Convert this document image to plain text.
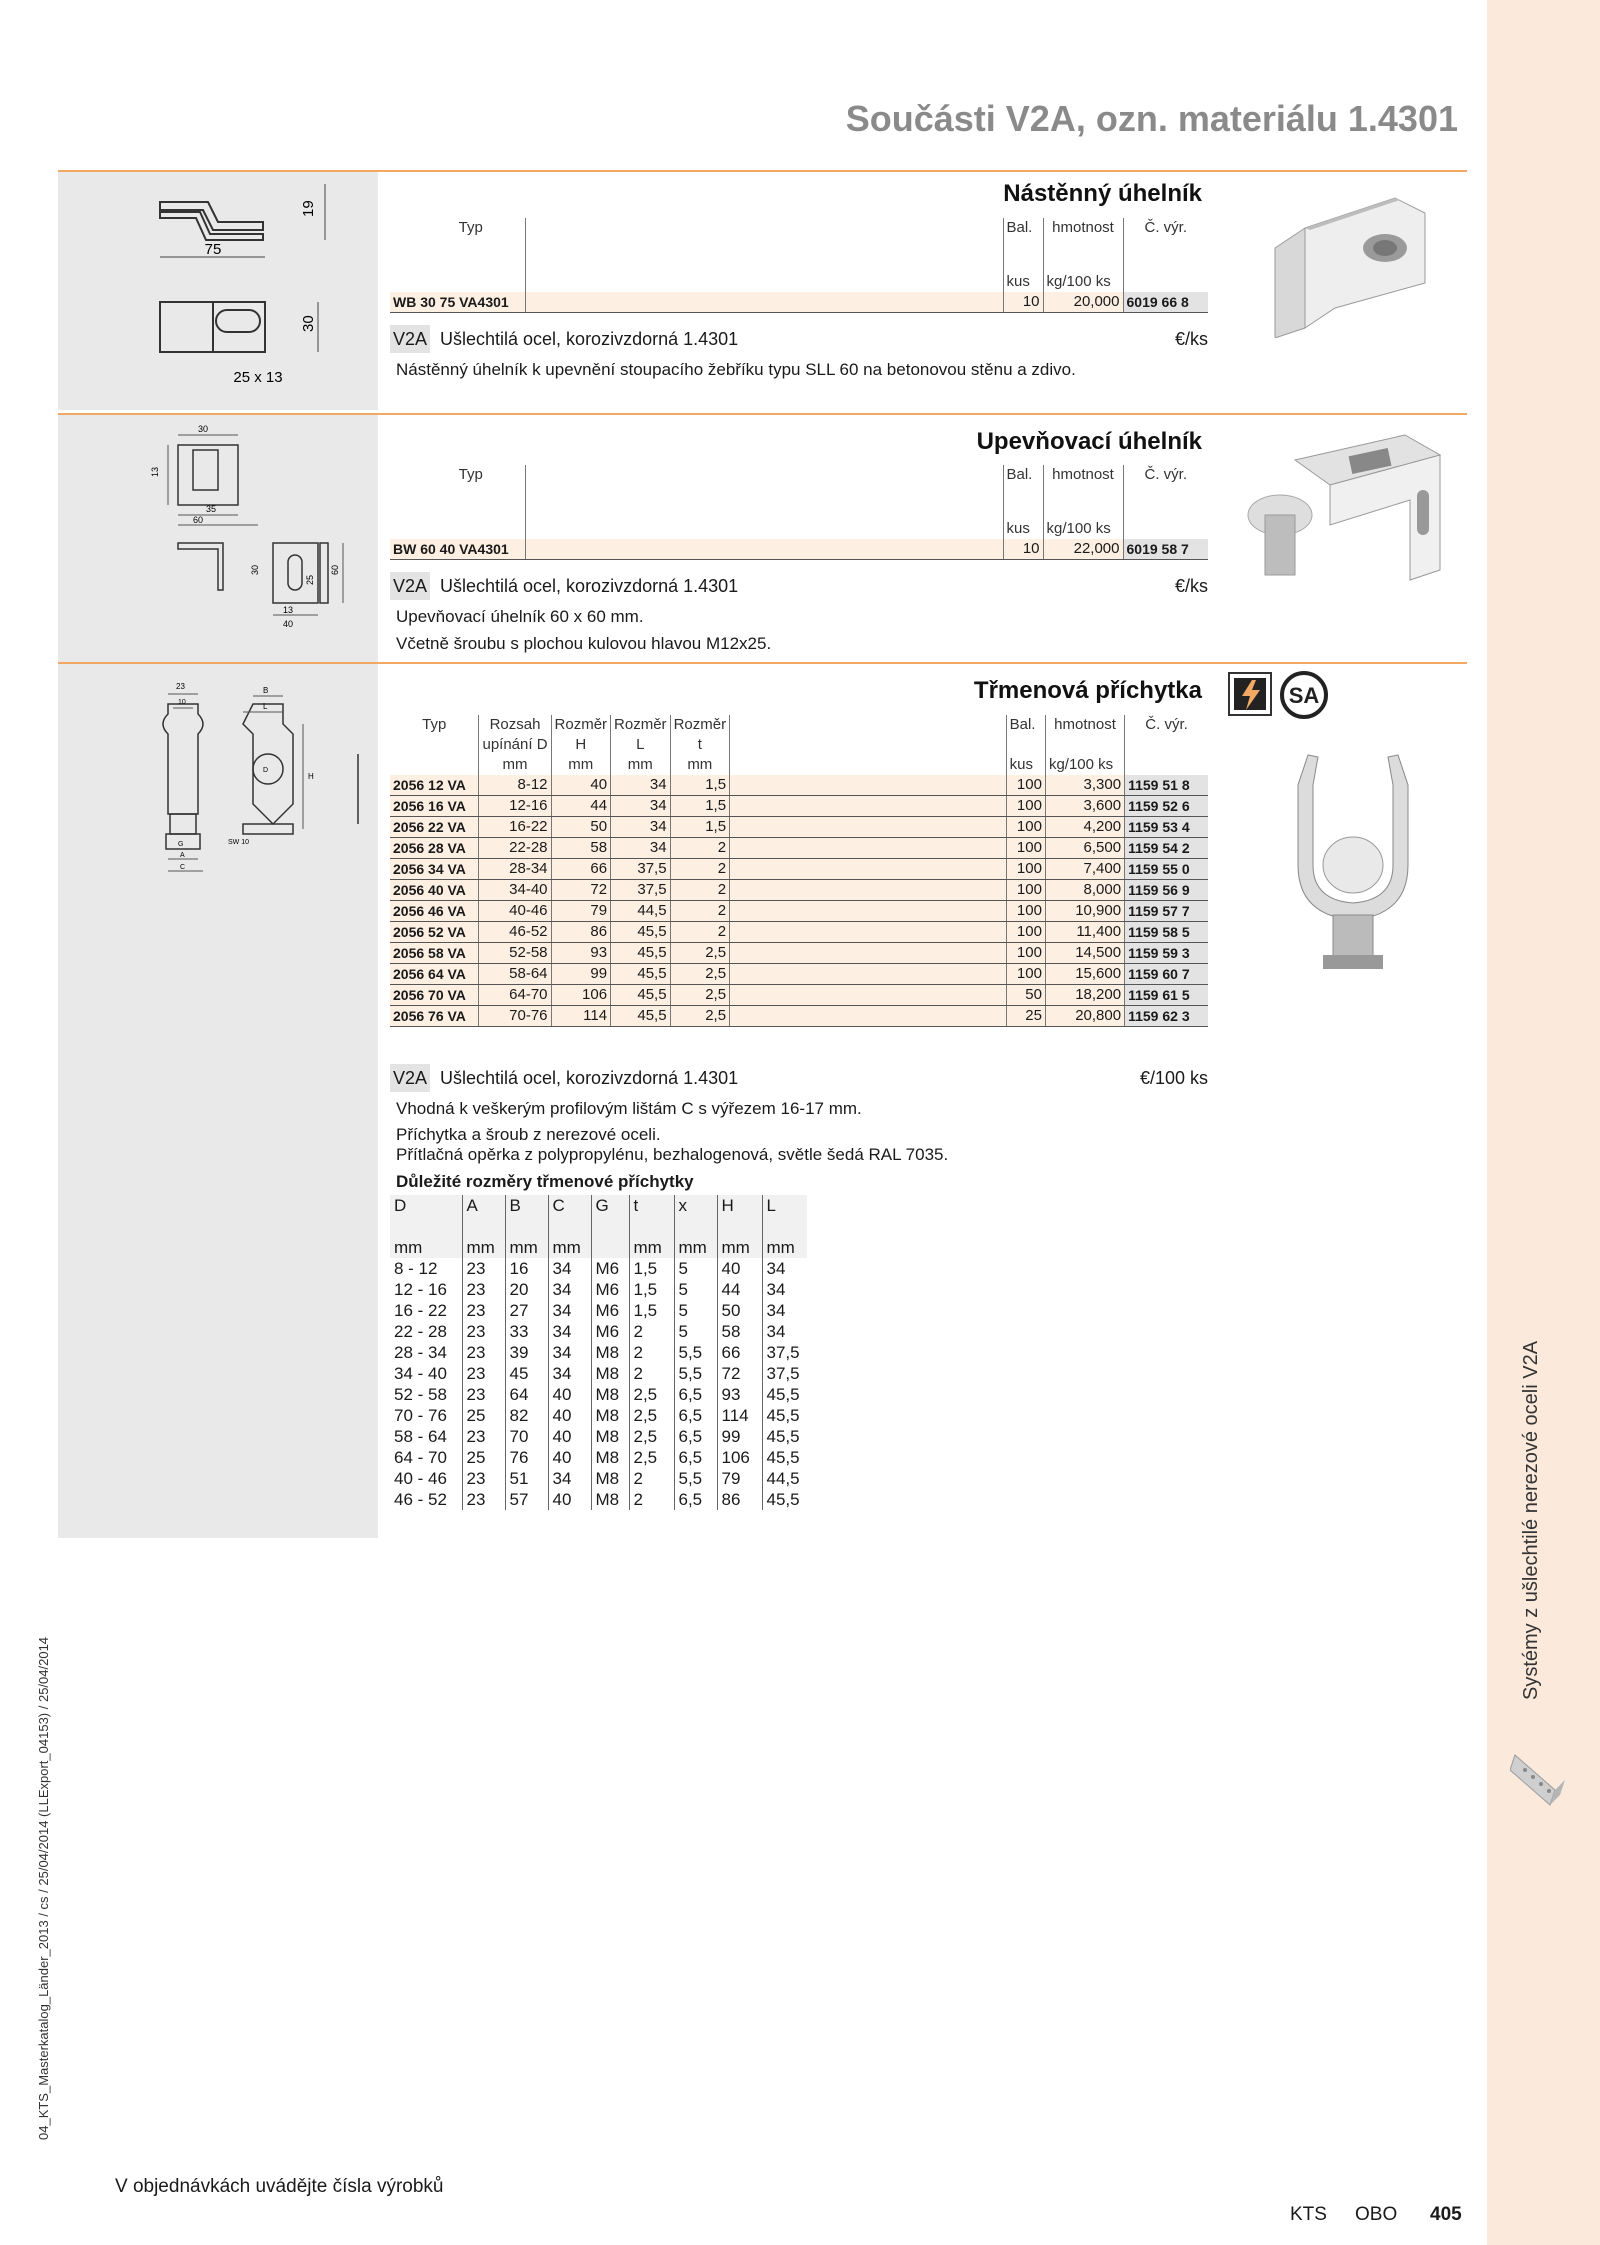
Součásti V2A, ozn. materiálu 1.4301
75
19
30
25 x 13
Nástěnný úhelník
Typ		Bal.	hmotnost	Č. výr.
		kus	kg/100 ks	
WB 30 75 VA4301		10	20,000	6019 66 8
V2A Ušlechtilá ocel, korozivzdorná 1.4301	€/ks
Nástěnný úhelník k upevnění stoupacího žebříku typu SLL 60 na betonovou stěnu a zdivo.
30
13
35
60
30
25
60
13
40
Upevňovací úhelník
Typ		Bal.	hmotnost	Č. výr.
		kus	kg/100 ks	
BW 60 40 VA4301		10	22,000	6019 58 7
V2A Ušlechtilá ocel, korozivzdorná 1.4301	€/ks
Upevňovací úhelník 60 x 60 mm.
Včetně šroubu s plochou kulovou hlavou M12x25.
23
10
B
L
H
SW 10
G
A
C
D
Třmenová příchytka	SA
Typ	Rozsah	Rozměr	Rozměr	Rozměr		Bal.	hmotnost	Č. výr.
	upínání D	H	L	t				
	mm	mm	mm	mm		kus	kg/100 ks	
2056 12 VA	8-12	40	34	1,5		100	3,300	1159 51 8
2056 16 VA	12-16	44	34	1,5		100	3,600	1159 52 6
2056 22 VA	16-22	50	34	1,5		100	4,200	1159 53 4
2056 28 VA	22-28	58	34	2		100	6,500	1159 54 2
2056 34 VA	28-34	66	37,5	2		100	7,400	1159 55 0
2056 40 VA	34-40	72	37,5	2		100	8,000	1159 56 9
2056 46 VA	40-46	79	44,5	2		100	10,900	1159 57 7
2056 52 VA	46-52	86	45,5	2		100	11,400	1159 58 5
2056 58 VA	52-58	93	45,5	2,5		100	14,500	1159 59 3
2056 64 VA	58-64	99	45,5	2,5		100	15,600	1159 60 7
2056 70 VA	64-70	106	45,5	2,5		50	18,200	1159 61 5
2056 76 VA	70-76	114	45,5	2,5		25	20,800	1159 62 3
V2A Ušlechtilá ocel, korozivzdorná 1.4301	€/100 ks
Vhodná k veškerým profilovým lištám C s výřezem 16-17 mm.
Příchytka a šroub z nerezové oceli.
Přítlačná opěrka z polypropylénu, bezhalogenová, světle šedá RAL 7035.
Důležité rozměry třmenové příchytky
D	A	B	C	G	t	x	H	L
mm	mm	mm	mm		mm	mm	mm	mm
8 - 12	23	16	34	M6	1,5	5	40	34
12 - 16	23	20	34	M6	1,5	5	44	34
16 - 22	23	27	34	M6	1,5	5	50	34
22 - 28	23	33	34	M6	2	5	58	34
28 - 34	23	39	34	M8	2	5,5	66	37,5
34 - 40	23	45	34	M8	2	5,5	72	37,5
52 - 58	23	64	40	M8	2,5	6,5	93	45,5
70 - 76	25	82	40	M8	2,5	6,5	114	45,5
58 - 64	23	70	40	M8	2,5	6,5	99	45,5
64 - 70	25	76	40	M8	2,5	6,5	106	45,5
40 - 46	23	51	34	M8	2	5,5	79	44,5
46 - 52	23	57	40	M8	2	6,5	86	45,5	Systémy z ušlechtilé nerezové oceli V2A
04_KTS_Masterkatalog_Länder_2013 / cs / 25/04/2014 (LLExport_04153) / 25/04/2014
V objednávkách uvádějte čísla výrobků
KTS OBO 405
